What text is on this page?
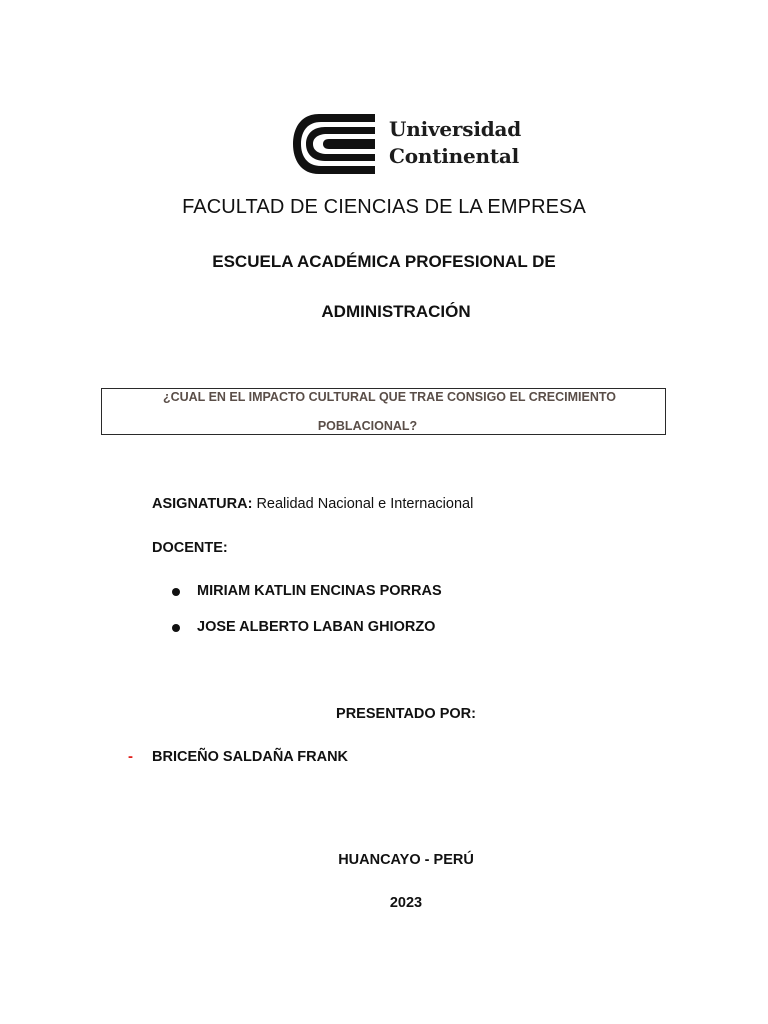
Universidad
Continental
FACULTAD DE CIENCIAS DE LA EMPRESA
ESCUELA ACADÉMICA PROFESIONAL DE
ADMINISTRACIÓN
¿CUAL EN EL IMPACTO CULTURAL QUE TRAE CONSIGO EL CRECIMIENTO
POBLACIONAL?
ASIGNATURA: Realidad Nacional e Internacional
DOCENTE:
MIRIAM KATLIN ENCINAS PORRAS
JOSE ALBERTO LABAN GHIORZO
PRESENTADO POR:
- BRICEÑO SALDAÑA FRANK
HUANCAYO - PERÚ
2023
